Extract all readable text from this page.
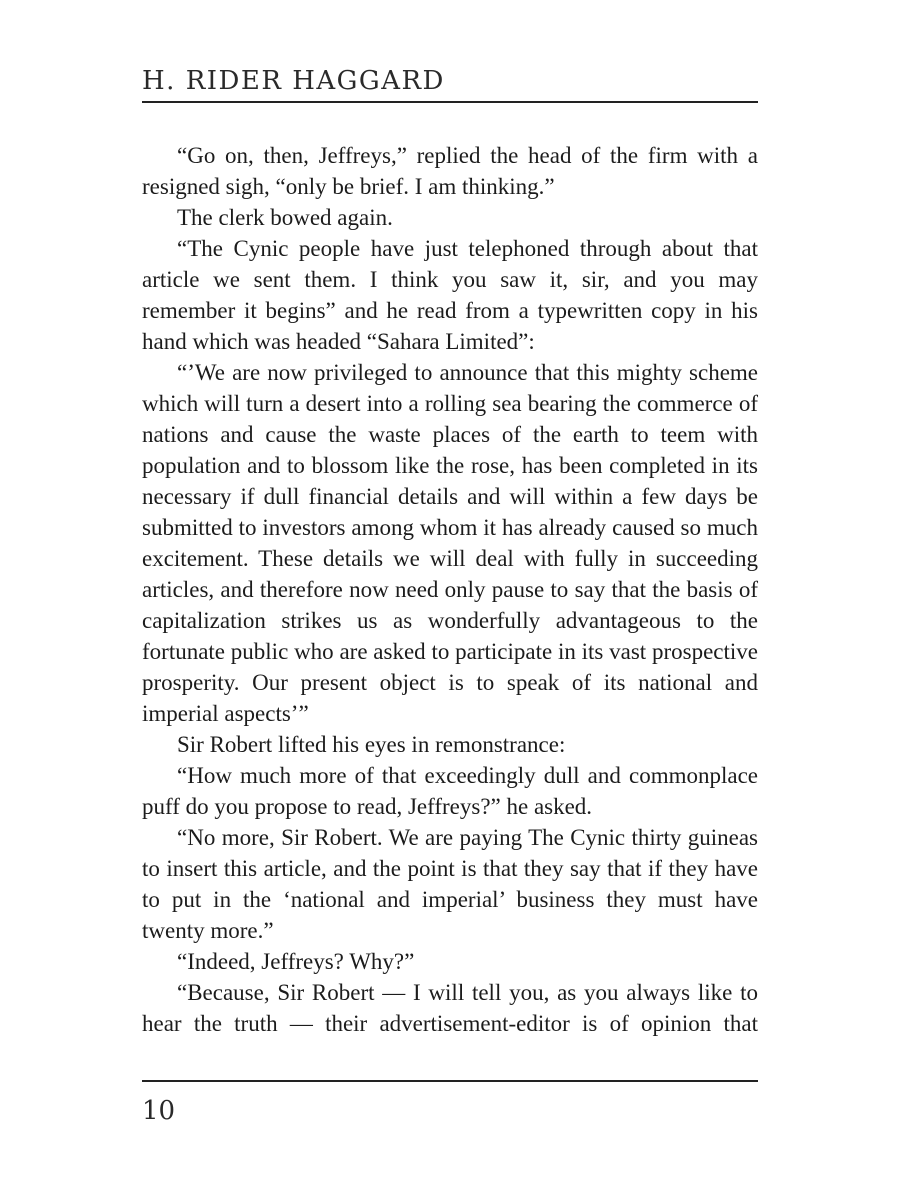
H. RIDER HAGGARD

“Go on, then, Jeffreys,” replied the head of the firm with a resigned sigh, “only be brief. I am thinking.”

The clerk bowed again.

“The Cynic people have just telephoned through about that article we sent them. I think you saw it, sir, and you may remember it begins” and he read from a typewritten copy in his hand which was headed “Sahara Limited”:

“’We are now privileged to announce that this mighty scheme which will turn a desert into a rolling sea bearing the commerce of nations and cause the waste places of the earth to teem with population and to blossom like the rose, has been completed in its necessary if dull financial details and will within a few days be submitted to investors among whom it has already caused so much excitement. These details we will deal with fully in succeeding articles, and therefore now need only pause to say that the basis of capitalization strikes us as wonderfully advantageous to the fortunate public who are asked to participate in its vast prospective prosperity. Our present object is to speak of its national and imperial aspects’”

Sir Robert lifted his eyes in remonstrance:

“How much more of that exceedingly dull and commonplace puff do you propose to read, Jeffreys?” he asked.

“No more, Sir Robert. We are paying The Cynic thirty guineas to insert this article, and the point is that they say that if they have to put in the ‘national and imperial’ business they must have twenty more.”

“Indeed, Jeffreys? Why?”

“Because, Sir Robert — I will tell you, as you always like to hear the truth — their advertisement-editor is of opinion that

10
